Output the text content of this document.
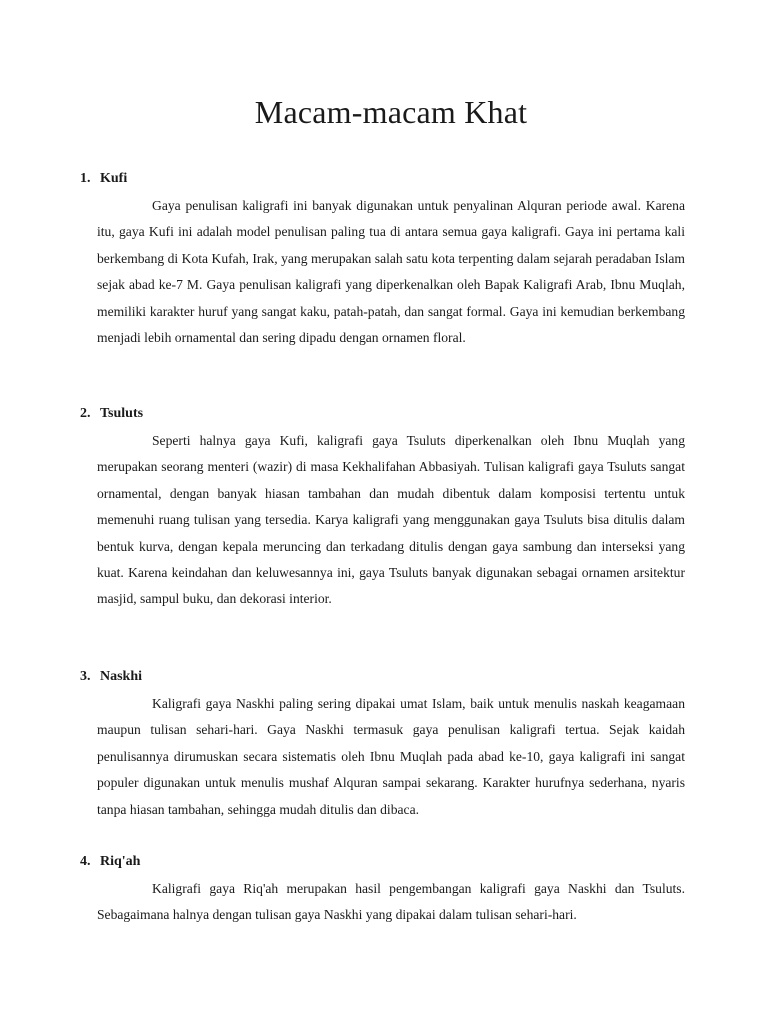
Macam-macam Khat
1. Kufi

Gaya penulisan kaligrafi ini banyak digunakan untuk penyalinan Alquran periode awal. Karena itu, gaya Kufi ini adalah model penulisan paling tua di antara semua gaya kaligrafi. Gaya ini pertama kali berkembang di Kota Kufah, Irak, yang merupakan salah satu kota terpenting dalam sejarah peradaban Islam sejak abad ke-7 M. Gaya penulisan kaligrafi yang diperkenalkan oleh Bapak Kaligrafi Arab, Ibnu Muqlah, memiliki karakter huruf yang sangat kaku, patah-patah, dan sangat formal. Gaya ini kemudian berkembang menjadi lebih ornamental dan sering dipadu dengan ornamen floral.

2. Tsuluts

Seperti halnya gaya Kufi, kaligrafi gaya Tsuluts diperkenalkan oleh Ibnu Muqlah yang merupakan seorang menteri (wazir) di masa Kekhalifahan Abbasiyah. Tulisan kaligrafi gaya Tsuluts sangat ornamental, dengan banyak hiasan tambahan dan mudah dibentuk dalam komposisi tertentu untuk memenuhi ruang tulisan yang tersedia. Karya kaligrafi yang menggunakan gaya Tsuluts bisa ditulis dalam bentuk kurva, dengan kepala meruncing dan terkadang ditulis dengan gaya sambung dan interseksi yang kuat. Karena keindahan dan keluwesannya ini, gaya Tsuluts banyak digunakan sebagai ornamen arsitektur masjid, sampul buku, dan dekorasi interior.

3. Naskhi

Kaligrafi gaya Naskhi paling sering dipakai umat Islam, baik untuk menulis naskah keagamaan maupun tulisan sehari-hari. Gaya Naskhi termasuk gaya penulisan kaligrafi tertua. Sejak kaidah penulisannya dirumuskan secara sistematis oleh Ibnu Muqlah pada abad ke-10, gaya kaligrafi ini sangat populer digunakan untuk menulis mushaf Alquran sampai sekarang. Karakter hurufnya sederhana, nyaris tanpa hiasan tambahan, sehingga mudah ditulis dan dibaca.

4. Riq'ah

Kaligrafi gaya Riq'ah merupakan hasil pengembangan kaligrafi gaya Naskhi dan Tsuluts. Sebagaimana halnya dengan tulisan gaya Naskhi yang dipakai dalam tulisan sehari-hari.
